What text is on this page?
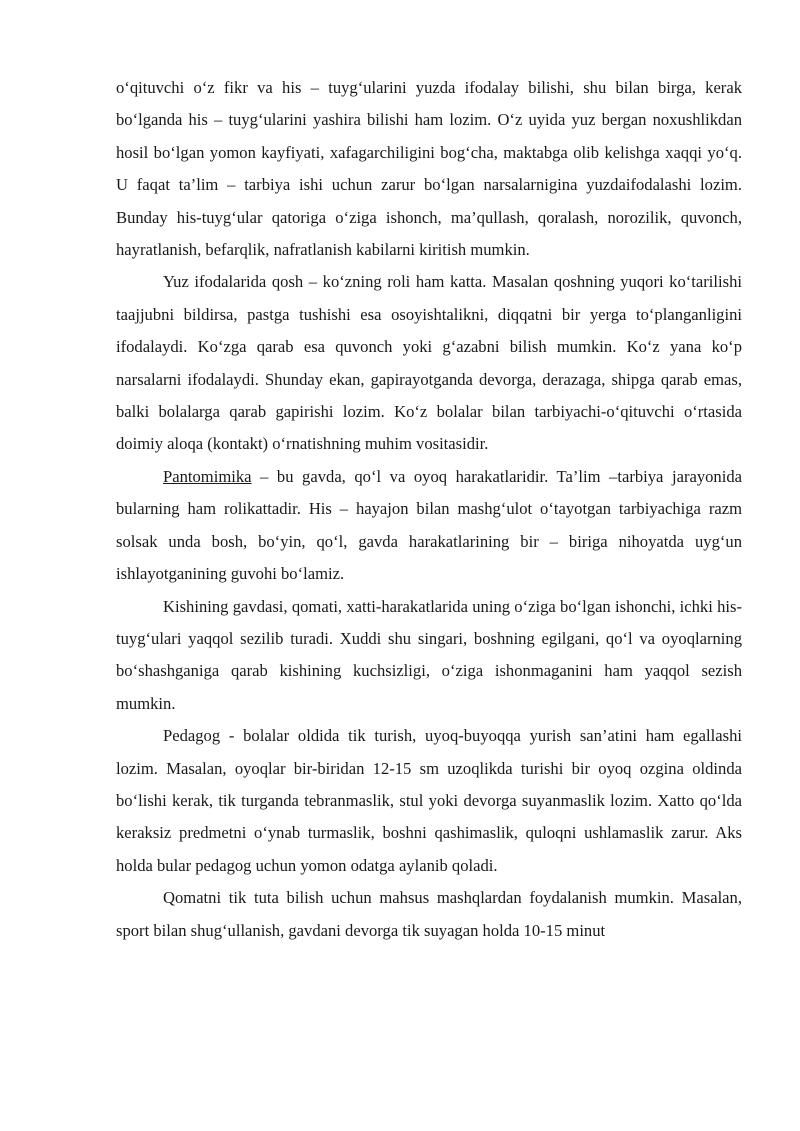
o‘qituvchi o‘z fikr va his – tuyg‘ularini yuzda ifodalay bilishi, shu bilan birga, kerak bo‘lganda his – tuyg‘ularini yashira bilishi ham lozim. O‘z uyida yuz bergan noxushlikdan hosil bo‘lgan yomon kayfiyati, xafagarchiligini bog‘cha, maktabga olib kelishga xaqqi yo‘q. U faqat ta’lim – tarbiya ishi uchun zarur bo‘lgan narsalarnigina yuzdaifodalashi lozim. Bunday his-tuyg‘ular qatoriga o‘ziga ishonch, ma’qullash, qoralash, norozilik, quvonch, hayratlanish, befarqlik, nafratlanish kabilarni kiritish mumkin.

Yuz ifodalarida qosh – ko‘zning roli ham katta. Masalan qoshning yuqori ko‘tarilishi taajjubni bildirsa, pastga tushishi esa osoyishtalikni, diqqatni bir yerga to‘planganligini ifodalaydi. Ko‘zga qarab esa quvonch yoki g‘azabni bilish mumkin. Ko‘z yana ko‘p narsalarni ifodalaydi. Shunday ekan, gapirayotganda devorga, derazaga, shipga qarab emas, balki bolalarga qarab gapirishi lozim. Ko‘z bolalar bilan tarbiyachi-o‘qituvchi o‘rtasida doimiy aloqa (kontakt) o‘rnatishning muhim vositasidir.

Pantomimika – bu gavda, qo‘l va oyoq harakatlaridir. Ta’lim –tarbiya jarayonida bularning ham rolikattadir. His – hayajon bilan mashg‘ulot o‘tayotgan tarbiyachiga razm solsak unda bosh, bo‘yin, qo‘l, gavda harakatlarining bir – biriga nihoyatda uyg‘un ishlayotganining guvohi bo‘lamiz.

Kishining gavdasi, qomati, xatti-harakatlarida uning o‘ziga bo‘lgan ishonchi, ichki his-tuyg‘ulari yaqqol sezilib turadi. Xuddi shu singari, boshning egilgani, qo‘l va oyoqlarning bo‘shashganiga qarab kishining kuchsizligi, o‘ziga ishonmaganini ham yaqqol sezish mumkin.

Pedagog - bolalar oldida tik turish, uyoq-buyoqqa yurish san’atini ham egallashi lozim. Masalan, oyoqlar bir-biridan 12-15 sm uzoqlikda turishi bir oyoq ozgina oldinda bo‘lishi kerak, tik turganda tebranmaslik, stul yoki devorga suyanmaslik lozim. Xatto qo‘lda keraksiz predmetni o‘ynab turmaslik, boshni qashimaslik, quloqni ushlamaslik zarur. Aks holda bular pedagog uchun yomon odatga aylanib qoladi.

Qomatni tik tuta bilish uchun mahsus mashqlardan foydalanish mumkin. Masalan, sport bilan shug‘ullanish, gavdani devorga tik suyagan holda 10-15 minut
